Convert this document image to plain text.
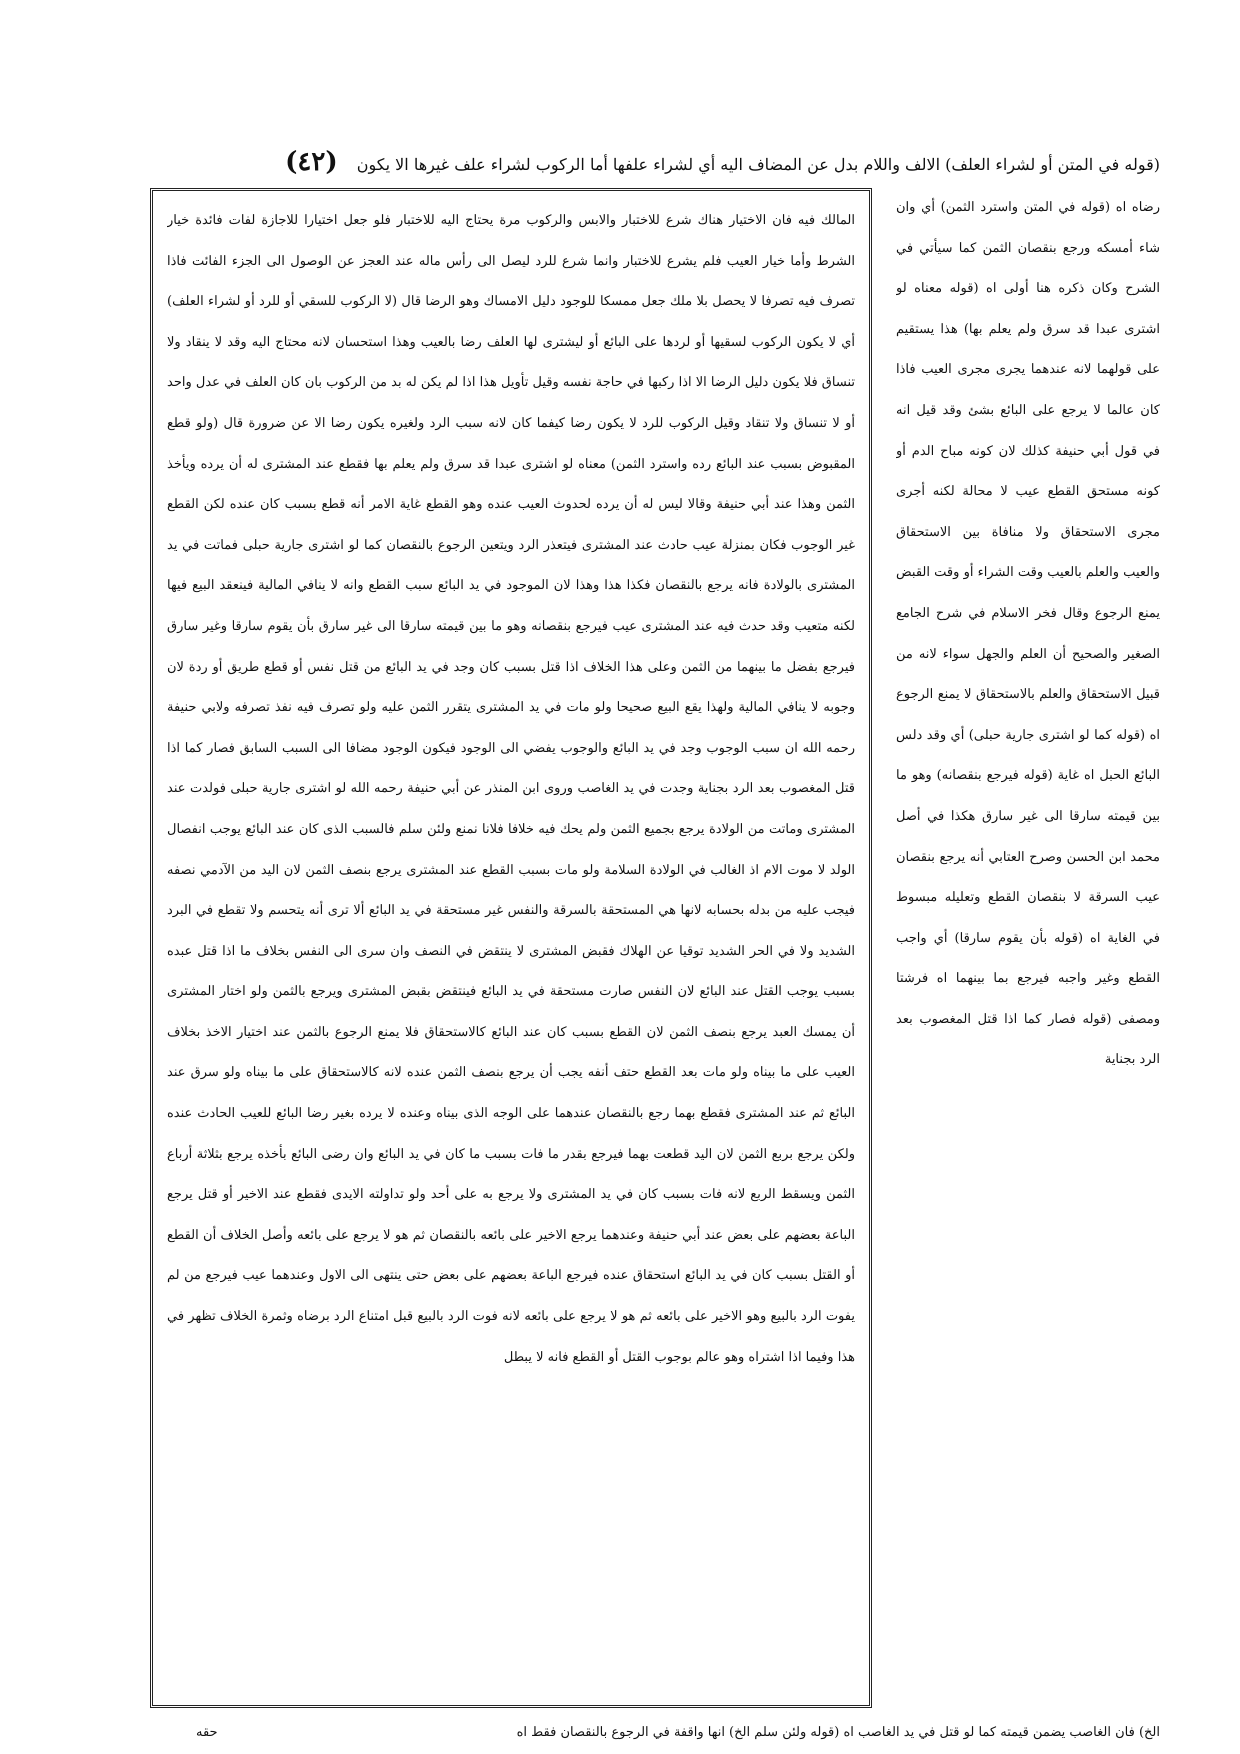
(قوله في المتن أو لشراء العلف) الالف واللام بدل عن المضاف اليه أي لشراء علفها أما الركوب لشراء علف غيرها الا يكون (٤٢)
المالك فيه فان الاختيار هناك شرع للاختبار والابس والركوب مرة يحتاج اليه للاختبار فلو جعل اختيارا للاجازة لفات فائدة خيار الشرط وأما خيار العيب فلم يشرع للاختبار وانما شرع للرد ليصل الى رأس ماله عند العجز عن الوصول الى الجزء الفائت فاذا تصرف فيه تصرفا لا يحصل بلا ملك جعل ممسكا للوجود دليل الامساك وهو الرضا قال (لا الركوب للسقي أو للرد أو لشراء العلف) أي لا يكون الركوب لسقيها أو لردها على البائع أو ليشترى لها العلف رضا بالعيب وهذا استحسان لانه محتاج اليه وقد لا ينقاد ولا تنساق فلا يكون دليل الرضا الا اذا ركبها في حاجة نفسه وقيل تأويل هذا اذا لم يكن له بد من الركوب بان كان العلف في عدل واحد أو لا تنساق ولا تنقاد وقيل الركوب للرد لا يكون رضا كيفما كان لانه سبب الرد ولغيره يكون رضا الا عن ضرورة قال (ولو قطع المقبوض بسبب عند البائع رده واسترد الثمن) معناه لو اشترى عبدا قد سرق ولم يعلم بها فقطع عند المشترى له أن يرده ويأخذ الثمن وهذا عند أبي حنيفة وقالا ليس له أن يرده لحدوث العيب عنده وهو القطع غاية الامر أنه قطع بسبب كان عنده لكن القطع غير الوجوب فكان بمنزلة عيب حادث عند المشترى فيتعذر الرد ويتعين الرجوع بالنقصان كما لو اشترى جارية حبلى فماتت في يد المشترى بالولادة فانه يرجع بالنقصان فكذا هذا وهذا لان الموجود في يد البائع سبب القطع وانه لا ينافي المالية فينعقد البيع فيها لكنه متعيب وقد حدث فيه عند المشترى عيب فيرجع بنقصانه وهو ما بين قيمته سارقا الى غير سارق بأن يقوم سارقا وغير سارق فيرجع بفضل ما بينهما من الثمن وعلى هذا الخلاف اذا قتل بسبب كان وجد في يد البائع من قتل نفس أو قطع طريق أو ردة لان وجوبه لا ينافي المالية ولهذا يقع البيع صحيحا ولو مات في يد المشترى يتقرر الثمن عليه ولو تصرف فيه نفذ تصرفه ولابي حنيفة رحمه الله ان سبب الوجوب وجد في يد البائع والوجوب يفضي الى الوجود فيكون الوجود مضافا الى السبب السابق فصار كما اذا قتل المغصوب بعد الرد بجناية وجدت في يد الغاصب وروى ابن المنذر عن أبي حنيفة رحمه الله لو اشترى جارية حبلى فولدت عند المشترى وماتت من الولادة يرجع بجميع الثمن ولم يحك فيه خلافا فلانا نمنع ولئن سلم فالسبب الذى كان عند البائع يوجب انفصال الولد لا موت الام اذ الغالب في الولادة السلامة ولو مات بسبب القطع عند المشترى يرجع بنصف الثمن لان اليد من الآدمي نصفه فيجب عليه من بدله بحسابه لانها هي المستحقة بالسرقة والنفس غير مستحقة في يد البائع ألا ترى أنه يتحسم ولا تقطع في البرد الشديد ولا في الحر الشديد توقيا عن الهلاك فقبض المشترى لا ينتقض في النصف وان سرى الى النفس بخلاف ما اذا قتل عبده بسبب يوجب القتل عند البائع لان النفس صارت مستحقة في يد البائع فينتقض بقبض المشترى ويرجع بالثمن ولو اختار المشترى أن يمسك العبد يرجع بنصف الثمن لان القطع بسبب كان عند البائع كالاستحقاق فلا يمنع الرجوع بالثمن عند اختيار الاخذ بخلاف العيب على ما بيناه ولو مات بعد القطع حتف أنفه يجب أن يرجع بنصف الثمن عنده لانه كالاستحقاق على ما بيناه ولو سرق عند البائع ثم عند المشترى فقطع بهما رجع بالنقصان عندهما على الوجه الذى بيناه وعنده لا يرده بغير رضا البائع للعيب الحادث عنده ولكن يرجع بربع الثمن لان اليد قطعت بهما فيرجع بقدر ما فات بسبب ما كان في يد البائع وان رضى البائع بأخذه يرجع بثلاثة أرباع الثمن ويسقط الربع لانه فات بسبب كان في يد المشترى ولا يرجع به على أحد ولو تداولته الايدى فقطع عند الاخير أو قتل يرجع الباعة بعضهم على بعض عند أبي حنيفة وعندهما يرجع الاخير على بائعه بالنقصان ثم هو لا يرجع على بائعه وأصل الخلاف أن القطع أو القتل بسبب كان في يد البائع استحقاق عنده فيرجع الباعة بعضهم على بعض حتى ينتهى الى الاول وعندهما عيب فيرجع من لم يفوت الرد بالبيع وهو الاخير على بائعه ثم هو لا يرجع على بائعه لانه فوت الرد بالبيع قبل امتناع الرد برضاه وثمرة الخلاف تظهر في هذا وفيما اذا اشتراه وهو عالم بوجوب القتل أو القطع فانه لا يبطل
رضاه اه (قوله في المتن واسترد الثمن) أي وان شاء أمسكه ورجع بنقصان الثمن كما سيأتي في الشرح وكان ذكره هنا أولى اه (قوله معناه لو اشترى عبدا قد سرق ولم يعلم بها) هذا يستقيم على قولهما لانه عندهما يجرى مجرى العيب فاذا كان عالما لا يرجع على البائع بشئ وقد قيل انه في قول أبي حنيفة كذلك لان كونه مباح الدم أو كونه مستحق القطع عيب لا محالة لكنه أجرى مجرى الاستحقاق ولا منافاة بين الاستحقاق والعيب والعلم بالعيب وقت الشراء أو وقت القبض يمنع الرجوع وقال فخر الاسلام في شرح الجامع الصغير والصحيح أن العلم والجهل سواء لانه من قبيل الاستحقاق والعلم بالاستحقاق لا يمنع الرجوع اه (قوله كما لو اشترى جارية حبلى) أي وقد دلس البائع الحبل اه غاية (قوله فيرجع بنقصانه) وهو ما بين قيمته سارقا الى غير سارق هكذا في أصل محمد ابن الحسن وصرح العتابي أنه يرجع بنقصان عيب السرقة لا بنقصان القطع وتعليله مبسوط في الغاية اه (قوله بأن يقوم سارقا) أي واجب القطع وغير واجبه فيرجع بما بينهما اه فرشتا ومصفى (قوله فصار كما اذا قتل المغصوب بعد الرد بجناية
الخ) فان الغاصب يضمن قيمته كما لو قتل في يد الغاصب اه (قوله ولئن سلم الخ) انها واقفة في الرجوع بالنقصان فقط اه
حقه
